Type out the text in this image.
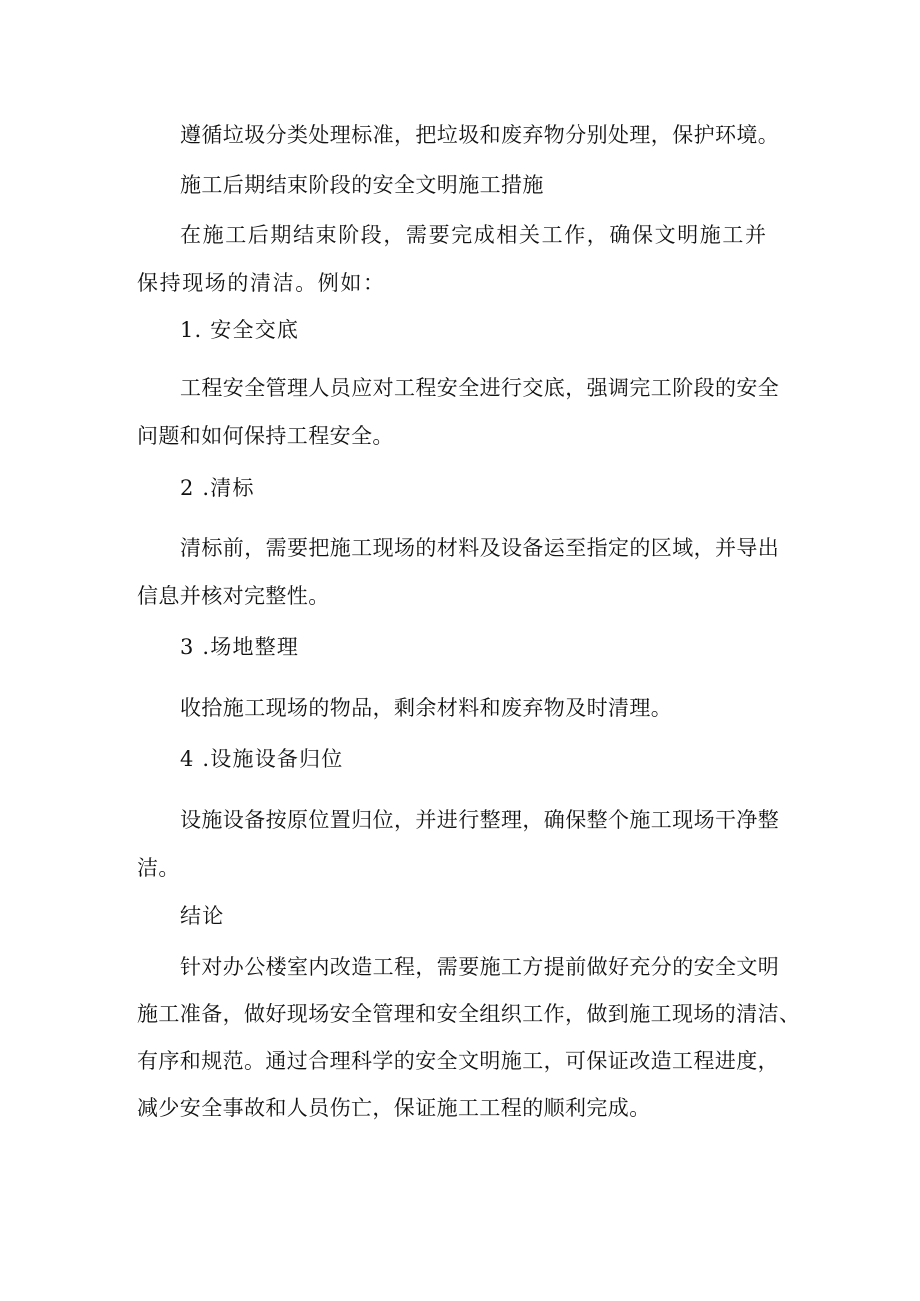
遵循垃圾分类处理标准，把垃圾和废弃物分别处理，保护环境。

施工后期结束阶段的安全文明施工措施

在施工后期结束阶段，需要完成相关工作，确保文明施工并

保持现场的清洁。例如：

1. 安全交底

工程安全管理人员应对工程安全进行交底，强调完工阶段的安全

问题和如何保持工程安全。

2 .清标

清标前，需要把施工现场的材料及设备运至指定的区域，并导出

信息并核对完整性。

3 .场地整理

收拾施工现场的物品，剩余材料和废弃物及时清理。

4 .设施设备归位

设施设备按原位置归位，并进行整理，确保整个施工现场干净整

洁。

结论

针对办公楼室内改造工程，需要施工方提前做好充分的安全文明

施工准备，做好现场安全管理和安全组织工作，做到施工现场的清洁、

有序和规范。通过合理科学的安全文明施工，可保证改造工程进度，

减少安全事故和人员伤亡，保证施工工程的顺利完成。
